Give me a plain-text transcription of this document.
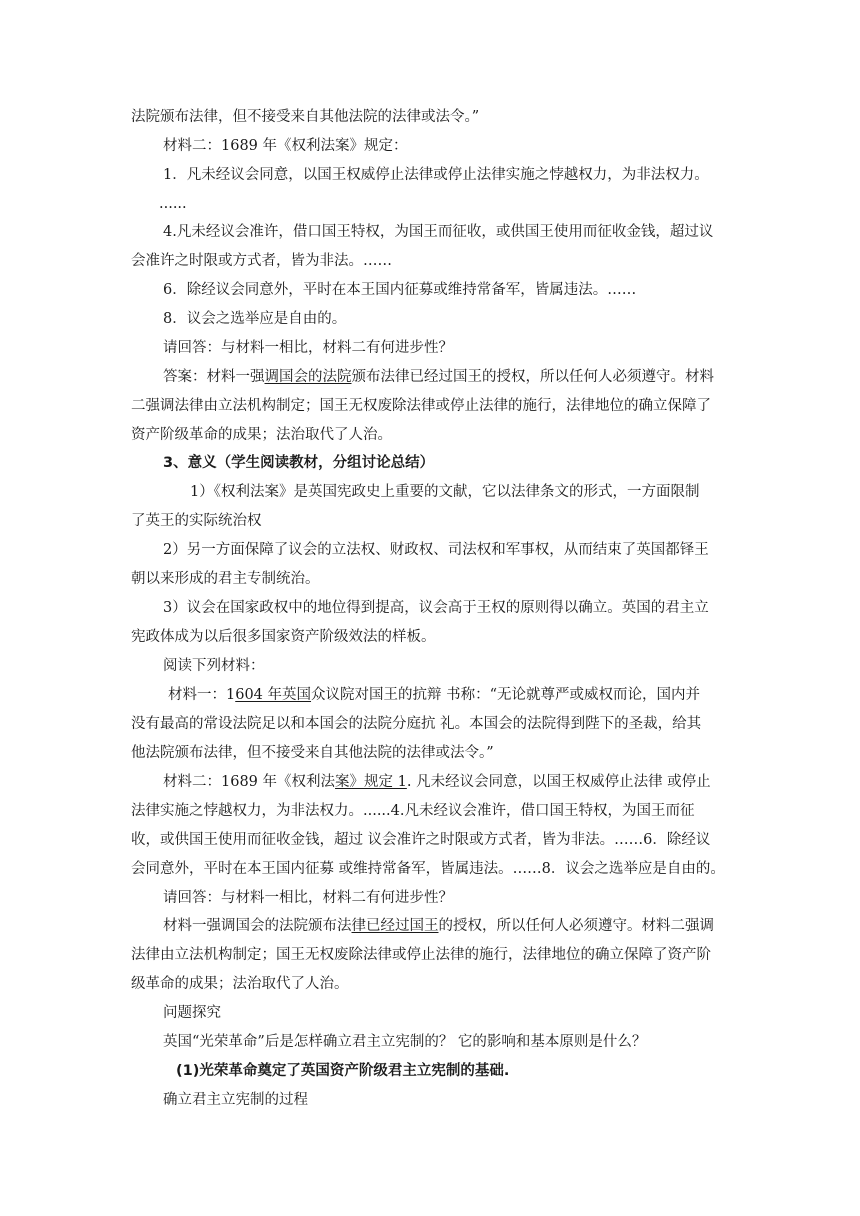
法院颁布法律，但不接受来自其他法院的法律或法令。”
材料二：1689 年《权利法案》规定：
1．凡未经议会同意，以国王权威停止法律或停止法律实施之悖越权力，为非法权力。
......
4.凡未经议会准许，借口国王特权，为国王而征收，或供国王使用而征收金钱，超过议
会准许之时限或方式者，皆为非法。……
6．除经议会同意外，平时在本王国内征募或维持常备军，皆属违法。……
8．议会之选举应是自由的。
请回答：与材料一相比，材料二有何进步性？
答案：材料一强调国会的法院颁布法律已经过国王的授权，所以任何人必须遵守。材料
二强调法律由立法机构制定；国王无权废除法律或停止法律的施行，法律地位的确立保障了
资产阶级革命的成果；法治取代了人治。
3、意义（学生阅读教材，分组讨论总结）
1）《权利法案》是英国宪政史上重要的文献，它以法律条文的形式，一方面限制
了英王的实际统治权
2）另一方面保障了议会的立法权、财政权、司法权和军事权，从而结束了英国都铎王
朝以来形成的君主专制统治。
3）议会在国家政权中的地位得到提高，议会高于王权的原则得以确立。英国的君主立
宪政体成为以后很多国家资产阶级效法的样板。
阅读下列材料：
材料一：1604 年英国众议院对国王的抗辩 书称：“无论就尊严或威权而论，国内并
没有最高的常设法院足以和本国会的法院分庭抗 礼。本国会的法院得到陛下的圣裁，给其
他法院颁布法律，但不接受来自其他法院的法律或法令。”
材料二：1689 年《权利法案》规定 1. 凡未经议会同意，以国王权威停止法律 或停止
法律实施之悖越权力，为非法权力。......4.凡未经议会准许，借口国王特权，为国王而征
收，或供国王使用而征收金钱，超过 议会准许之时限或方式者，皆为非法。……6．除经议
会同意外，平时在本王国内征募 或维持常备军，皆属违法。……8．议会之选举应是自由的。
请回答：与材料一相比，材料二有何进步性？
材料一强调国会的法院颁布法律已经过国王的授权，所以任何人必须遵守。材料二强调
法律由立法机构制定；国王无权废除法律或停止法律的施行，法律地位的确立保障了资产阶
级革命的成果；法治取代了人治。
问题探究
英国“光荣革命”后是怎样确立君主立宪制的？ 它的影响和基本原则是什么？
(1)光荣革命奠定了英国资产阶级君主立宪制的基础.
确立君主立宪制的过程
